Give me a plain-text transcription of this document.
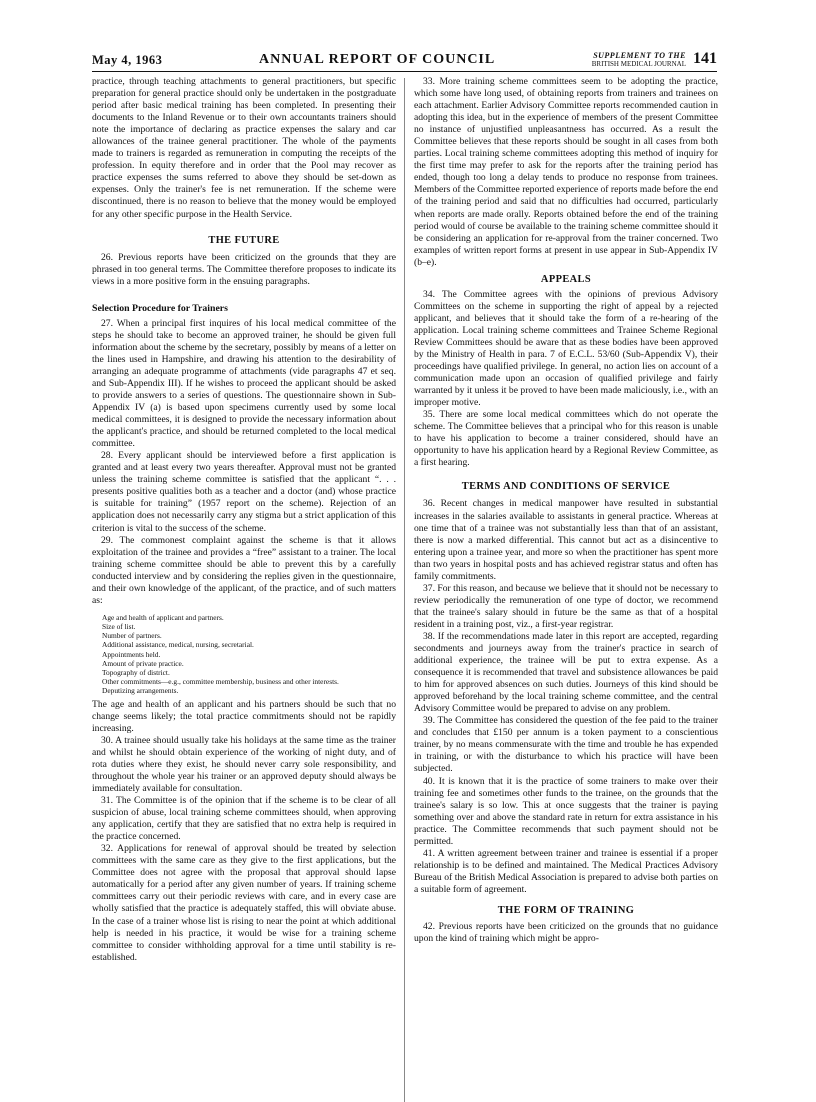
May 4, 1963	ANNUAL REPORT OF COUNCIL	SUPPLEMENT TO THE
BRITISH MEDICAL JOURNAL 141

practice, through teaching attachments to general practitioners, but specific preparation for general practice should only be undertaken in the postgraduate period after basic medical training has been completed. In presenting their documents to the Inland Revenue or to their own accountants trainers should note the importance of declaring as practice expenses the salary and car allowances of the trainee general practitioner. The whole of the payments made to trainers is regarded as remuneration in computing the receipts of the profession. In equity therefore and in order that the Pool may recover as practice expenses the sums referred to above they should be set-down as expenses. Only the trainer's fee is net remuneration. If the scheme were discontinued, there is no reason to believe that the money would be employed for any other specific purpose in the Health Service.

THE FUTURE

26. Previous reports have been criticized on the grounds that they are phrased in too general terms. The Committee therefore proposes to indicate its views in a more positive form in the ensuing paragraphs.

Selection Procedure for Trainers

27. When a principal first inquires of his local medical committee of the steps he should take to become an approved trainer, he should be given full information about the scheme by the secretary, possibly by means of a letter on the lines used in Hampshire, and drawing his attention to the desirability of arranging an adequate programme of attachments (vide paragraphs 47 et seq. and Sub-Appendix III). If he wishes to proceed the applicant should be asked to provide answers to a series of questions. The questionnaire shown in Sub-Appendix IV (a) is based upon specimens currently used by some local medical committees, it is designed to provide the necessary information about the applicant's practice, and should be returned completed to the local medical committee.

28. Every applicant should be interviewed before a first application is granted and at least every two years thereafter. Approval must not be granted unless the training scheme committee is satisfied that the applicant “. . . presents positive qualities both as a teacher and a doctor (and) whose practice is suitable for training” (1957 report on the scheme). Rejection of an application does not necessarily carry any stigma but a strict application of this criterion is vital to the success of the scheme.

29. The commonest complaint against the scheme is that it allows exploitation of the trainee and provides a “free” assistant to a trainer. The local training scheme committee should be able to prevent this by a carefully conducted interview and by considering the replies given in the questionnaire, and their own knowledge of the applicant, of the practice, and of such matters as:

Age and health of applicant and partners.
Size of list.
Number of partners.
Additional assistance, medical, nursing, secretarial.
Appointments held.
Amount of private practice.
Topography of district.
Other commitments—e.g., committee membership, business and other interests.
Deputizing arrangements.

The age and health of an applicant and his partners should be such that no change seems likely; the total practice commitments should not be rapidly increasing.

30. A trainee should usually take his holidays at the same time as the trainer and whilst he should obtain experience of the working of night duty, and of rota duties where they exist, he should never carry sole responsibility, and throughout the whole year his trainer or an approved deputy should always be immediately available for consultation.

31. The Committee is of the opinion that if the scheme is to be clear of all suspicion of abuse, local training scheme committees should, when approving any application, certify that they are satisfied that no extra help is required in the practice concerned.

32. Applications for renewal of approval should be treated by selection committees with the same care as they give to the first applications, but the Committee does not agree with the proposal that approval should lapse automatically for a period after any given number of years. If training scheme committees carry out their periodic reviews with care, and in every case are wholly satisfied that the practice is adequately staffed, this will obviate abuse. In the case of a trainer whose list is rising to near the point at which additional help is needed in his practice, it would be wise for a training scheme committee to consider withholding approval for a time until stability is re-established.

33. More training scheme committees seem to be adopting the practice, which some have long used, of obtaining reports from trainers and trainees on each attachment. Earlier Advisory Committee reports recommended caution in adopting this idea, but in the experience of members of the present Committee no instance of unjustified unpleasantness has occurred. As a result the Committee believes that these reports should be sought in all cases from both parties. Local training scheme committees adopting this method of inquiry for the first time may prefer to ask for the reports after the training period has ended, though too long a delay tends to produce no response from trainees. Members of the Committee reported experience of reports made before the end of the training period and said that no difficulties had occurred, particularly when reports are made orally. Reports obtained before the end of the training period would of course be available to the training scheme committee should it be considering an application for re-approval from the trainer concerned. Two examples of written report forms at present in use appear in Sub-Appendix IV (b–e).

APPEALS

34. The Committee agrees with the opinions of previous Advisory Committees on the scheme in supporting the right of appeal by a rejected applicant, and believes that it should take the form of a re-hearing of the application. Local training scheme committees and Trainee Scheme Regional Review Committees should be aware that as these bodies have been approved by the Ministry of Health in para. 7 of E.C.L. 53/60 (Sub-Appendix V), their proceedings have qualified privilege. In general, no action lies on account of a communication made upon an occasion of qualified privilege and fairly warranted by it unless it be proved to have been made maliciously, i.e., with an improper motive.

35. There are some local medical committees which do not operate the scheme. The Committee believes that a principal who for this reason is unable to have his application to become a trainer considered, should have an opportunity to have his application heard by a Regional Review Committee, as a first hearing.

TERMS AND CONDITIONS OF SERVICE

36. Recent changes in medical manpower have resulted in substantial increases in the salaries available to assistants in general practice. Whereas at one time that of a trainee was not substantially less than that of an assistant, there is now a marked differential. This cannot but act as a disincentive to entering upon a trainee year, and more so when the practitioner has spent more than two years in hospital posts and has achieved registrar status and often has family commitments.

37. For this reason, and because we believe that it should not be necessary to review periodically the remuneration of one type of doctor, we recommend that the trainee's salary should in future be the same as that of a hospital resident in a training post, viz., a first-year registrar.

38. If the recommendations made later in this report are accepted, regarding secondments and journeys away from the trainer's practice in search of additional experience, the trainee will be put to extra expense. As a consequence it is recommended that travel and subsistence allowances be paid to him for approved absences on such duties. Journeys of this kind should be approved beforehand by the local training scheme committee, and the central Advisory Committee would be prepared to advise on any problem.

39. The Committee has considered the question of the fee paid to the trainer and concludes that £150 per annum is a token payment to a conscientious trainer, by no means commensurate with the time and trouble he has expended in training, or with the disturbance to which his practice will have been subjected.

40. It is known that it is the practice of some trainers to make over their training fee and sometimes other funds to the trainee, on the grounds that the trainee's salary is so low. This at once suggests that the trainer is paying something over and above the standard rate in return for extra assistance in his practice. The Committee recommends that such payment should not be permitted.

41. A written agreement between trainer and trainee is essential if a proper relationship is to be defined and maintained. The Medical Practices Advisory Bureau of the British Medical Association is prepared to advise both parties on a suitable form of agreement.

THE FORM OF TRAINING

42. Previous reports have been criticized on the grounds that no guidance upon the kind of training which might be appro-
